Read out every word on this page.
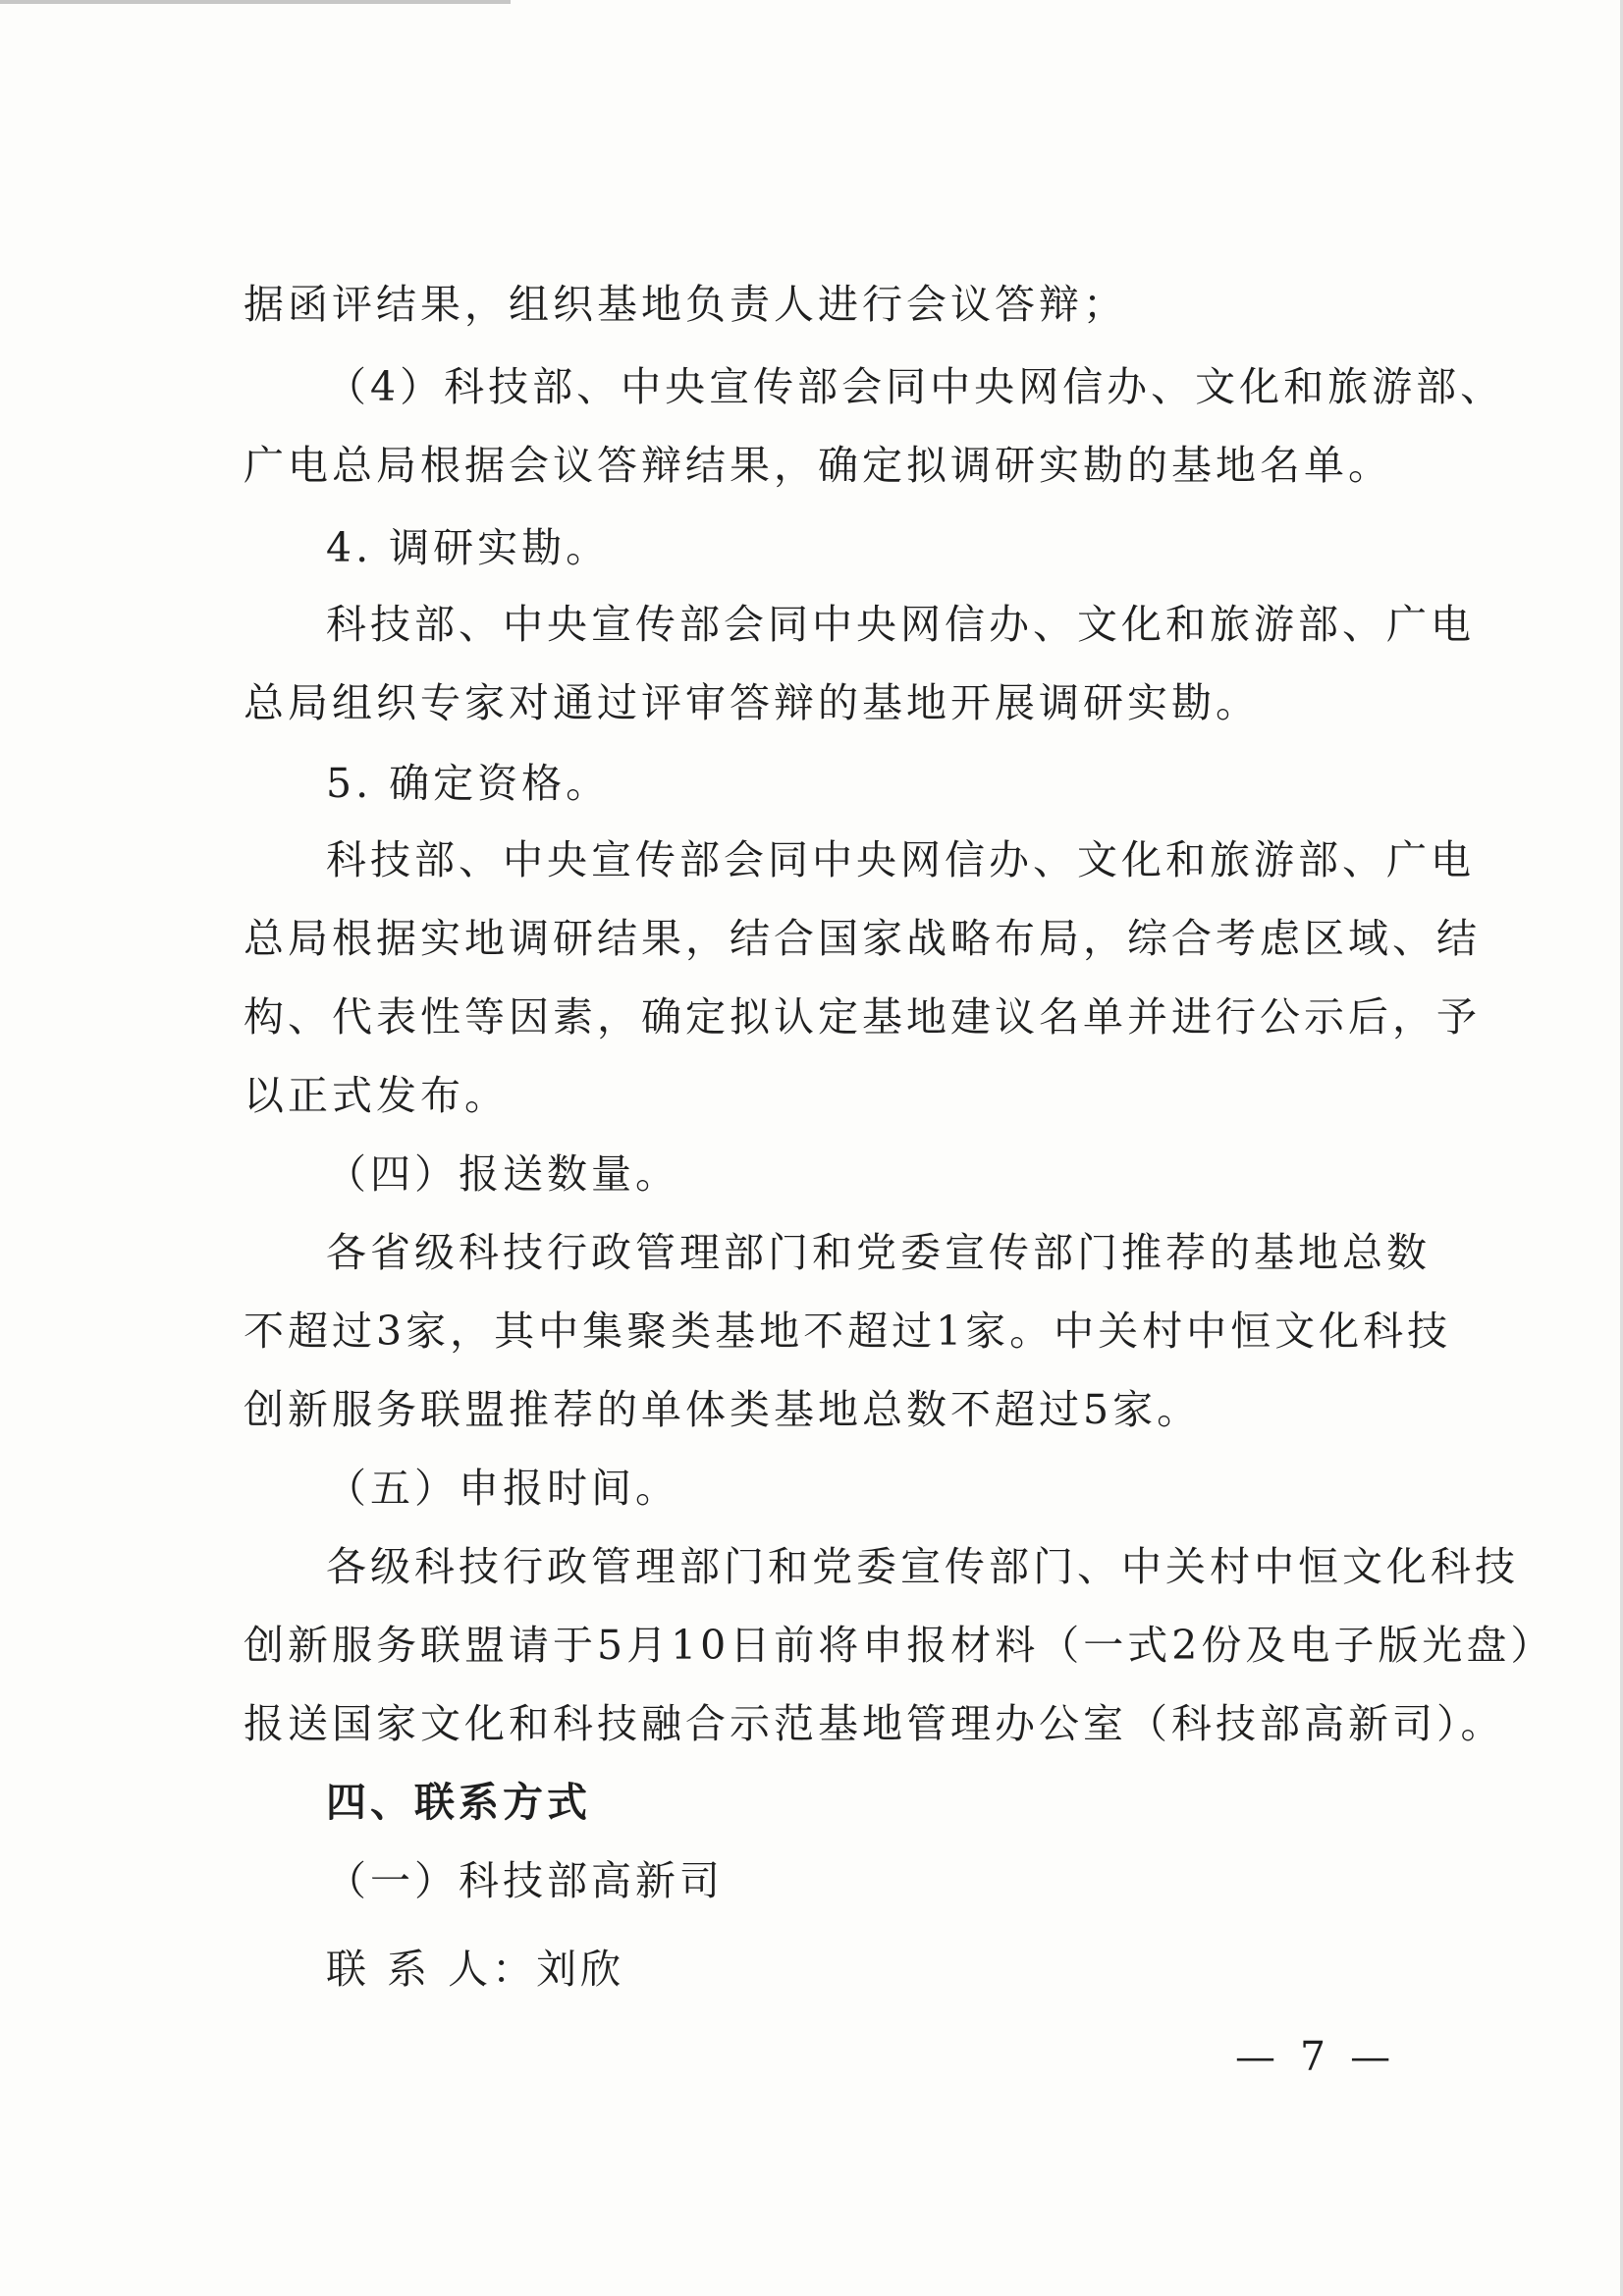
据函评结果，组织基地负责人进行会议答辩；
（4）科技部、中央宣传部会同中央网信办、文化和旅游部、
广电总局根据会议答辩结果，确定拟调研实勘的基地名单。
4. 调研实勘。
科技部、中央宣传部会同中央网信办、文化和旅游部、广电
总局组织专家对通过评审答辩的基地开展调研实勘。
5. 确定资格。
科技部、中央宣传部会同中央网信办、文化和旅游部、广电
总局根据实地调研结果，结合国家战略布局，综合考虑区域、结
构、代表性等因素，确定拟认定基地建议名单并进行公示后，予
以正式发布。
（四）报送数量。
各省级科技行政管理部门和党委宣传部门推荐的基地总数
不超过3家，其中集聚类基地不超过1家。中关村中恒文化科技
创新服务联盟推荐的单体类基地总数不超过5家。
（五）申报时间。
各级科技行政管理部门和党委宣传部门、中关村中恒文化科技
创新服务联盟请于5月10日前将申报材料（一式2份及电子版光盘）
报送国家文化和科技融合示范基地管理办公室（科技部高新司）。
四、联系方式
（一）科技部高新司
联 系 人：刘欣
— 7 —
